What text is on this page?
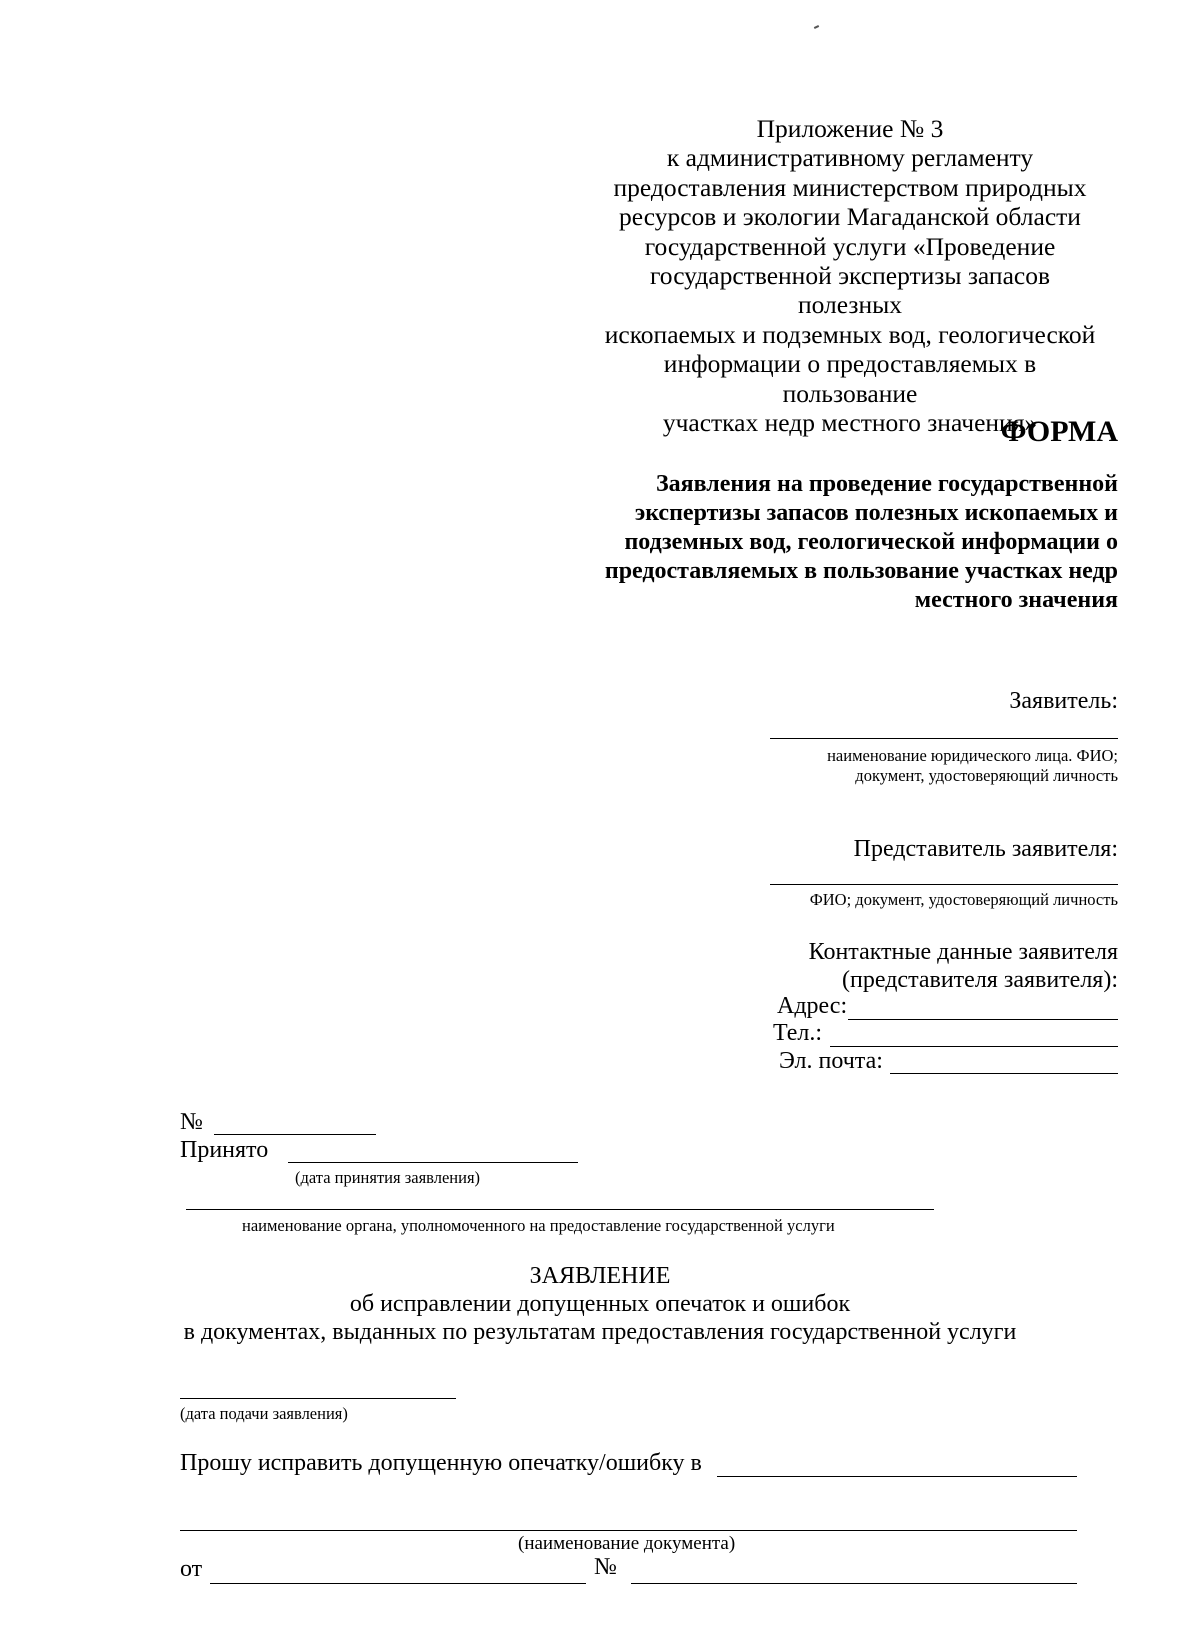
Приложение № 3
к административному регламенту
предоставления министерством природных
ресурсов и экологии Магаданской области
государственной услуги «Проведение
государственной экспертизы запасов полезных
ископаемых и подземных вод, геологической
информации о предоставляемых в пользование
участках недр местного значения»
ФОРМА
Заявления на проведение государственной
экспертизы запасов полезных ископаемых и
подземных вод, геологической информации о
предоставляемых в пользование участках недр
местного значения
Заявитель:
наименование юридического лица. ФИО;
документ, удостоверяющий личность
Представитель заявителя:
ФИО; документ, удостоверяющий личность
Контактные данные заявителя
(представителя заявителя):
Адрес:
Тел.:
Эл. почта:
№
Принято
(дата принятия заявления)
наименование органа, уполномоченного на предоставление государственной услуги
ЗАЯВЛЕНИЕ
об исправлении допущенных опечаток и ошибок
в документах, выданных по результатам предоставления государственной услуги
(дата подачи заявления)
Прошу исправить допущенную опечатку/ошибку в
(наименование документа)
от	№
